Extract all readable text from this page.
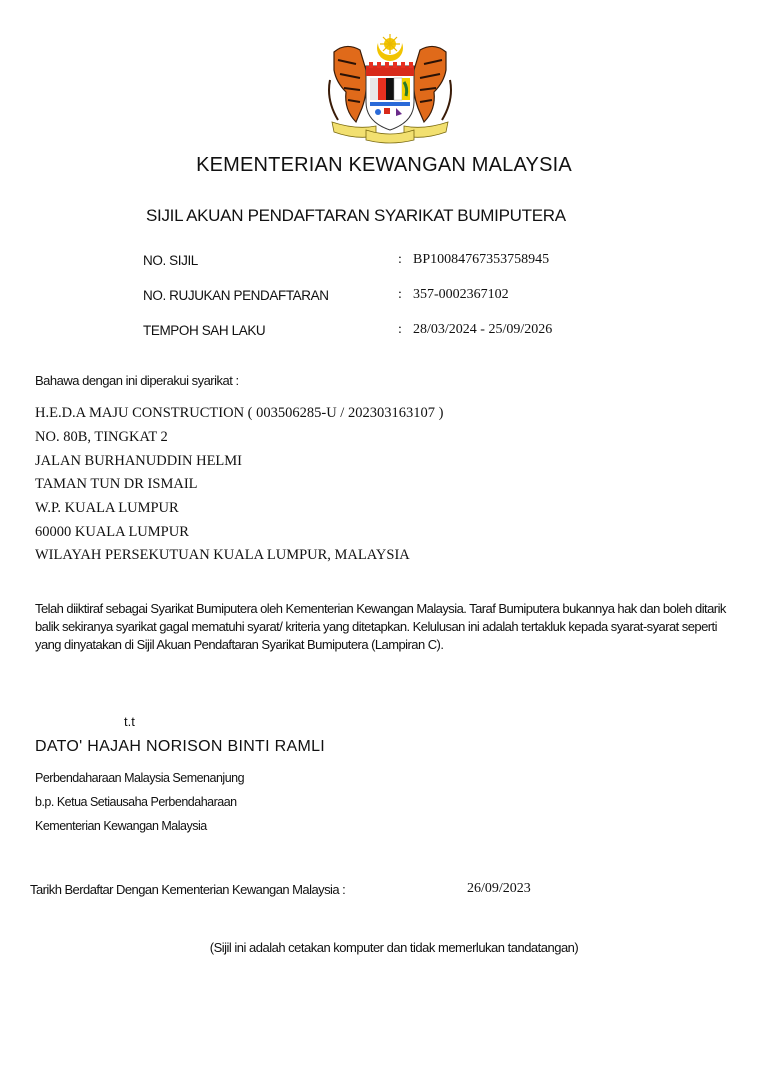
KEMENTERIAN KEWANGAN MALAYSIA
SIJIL AKUAN PENDAFTARAN SYARIKAT BUMIPUTERA
NO. SIJIL	: BP10084767353758945
NO. RUJUKAN PENDAFTARAN	: 357-0002367102
TEMPOH SAH LAKU	: 28/03/2024 - 25/09/2026
Bahawa dengan ini diperakui syarikat :
H.E.D.A MAJU CONSTRUCTION ( 003506285-U / 202303163107 )
NO. 80B, TINGKAT 2
JALAN BURHANUDDIN HELMI
TAMAN TUN DR ISMAIL
W.P. KUALA LUMPUR
60000 KUALA LUMPUR
WILAYAH PERSEKUTUAN KUALA LUMPUR, MALAYSIA
Telah diiktiraf sebagai Syarikat Bumiputera oleh Kementerian Kewangan Malaysia. Taraf Bumiputera bukannya hak dan boleh ditarik balik sekiranya syarikat gagal mematuhi syarat/ kriteria yang ditetapkan. Kelulusan ini adalah tertakluk kepada syarat-syarat seperti yang dinyatakan di Sijil Akuan Pendaftaran Syarikat Bumiputera (Lampiran C).
t.t
DATO' HAJAH NORISON BINTI RAMLI
Perbendaharaan Malaysia Semenanjung
b.p. Ketua Setiausaha Perbendaharaan
Kementerian Kewangan Malaysia
Tarikh Berdaftar Dengan Kementerian Kewangan Malaysia :	26/09/2023
(Sijil ini adalah cetakan komputer dan tidak memerlukan tandatangan)
